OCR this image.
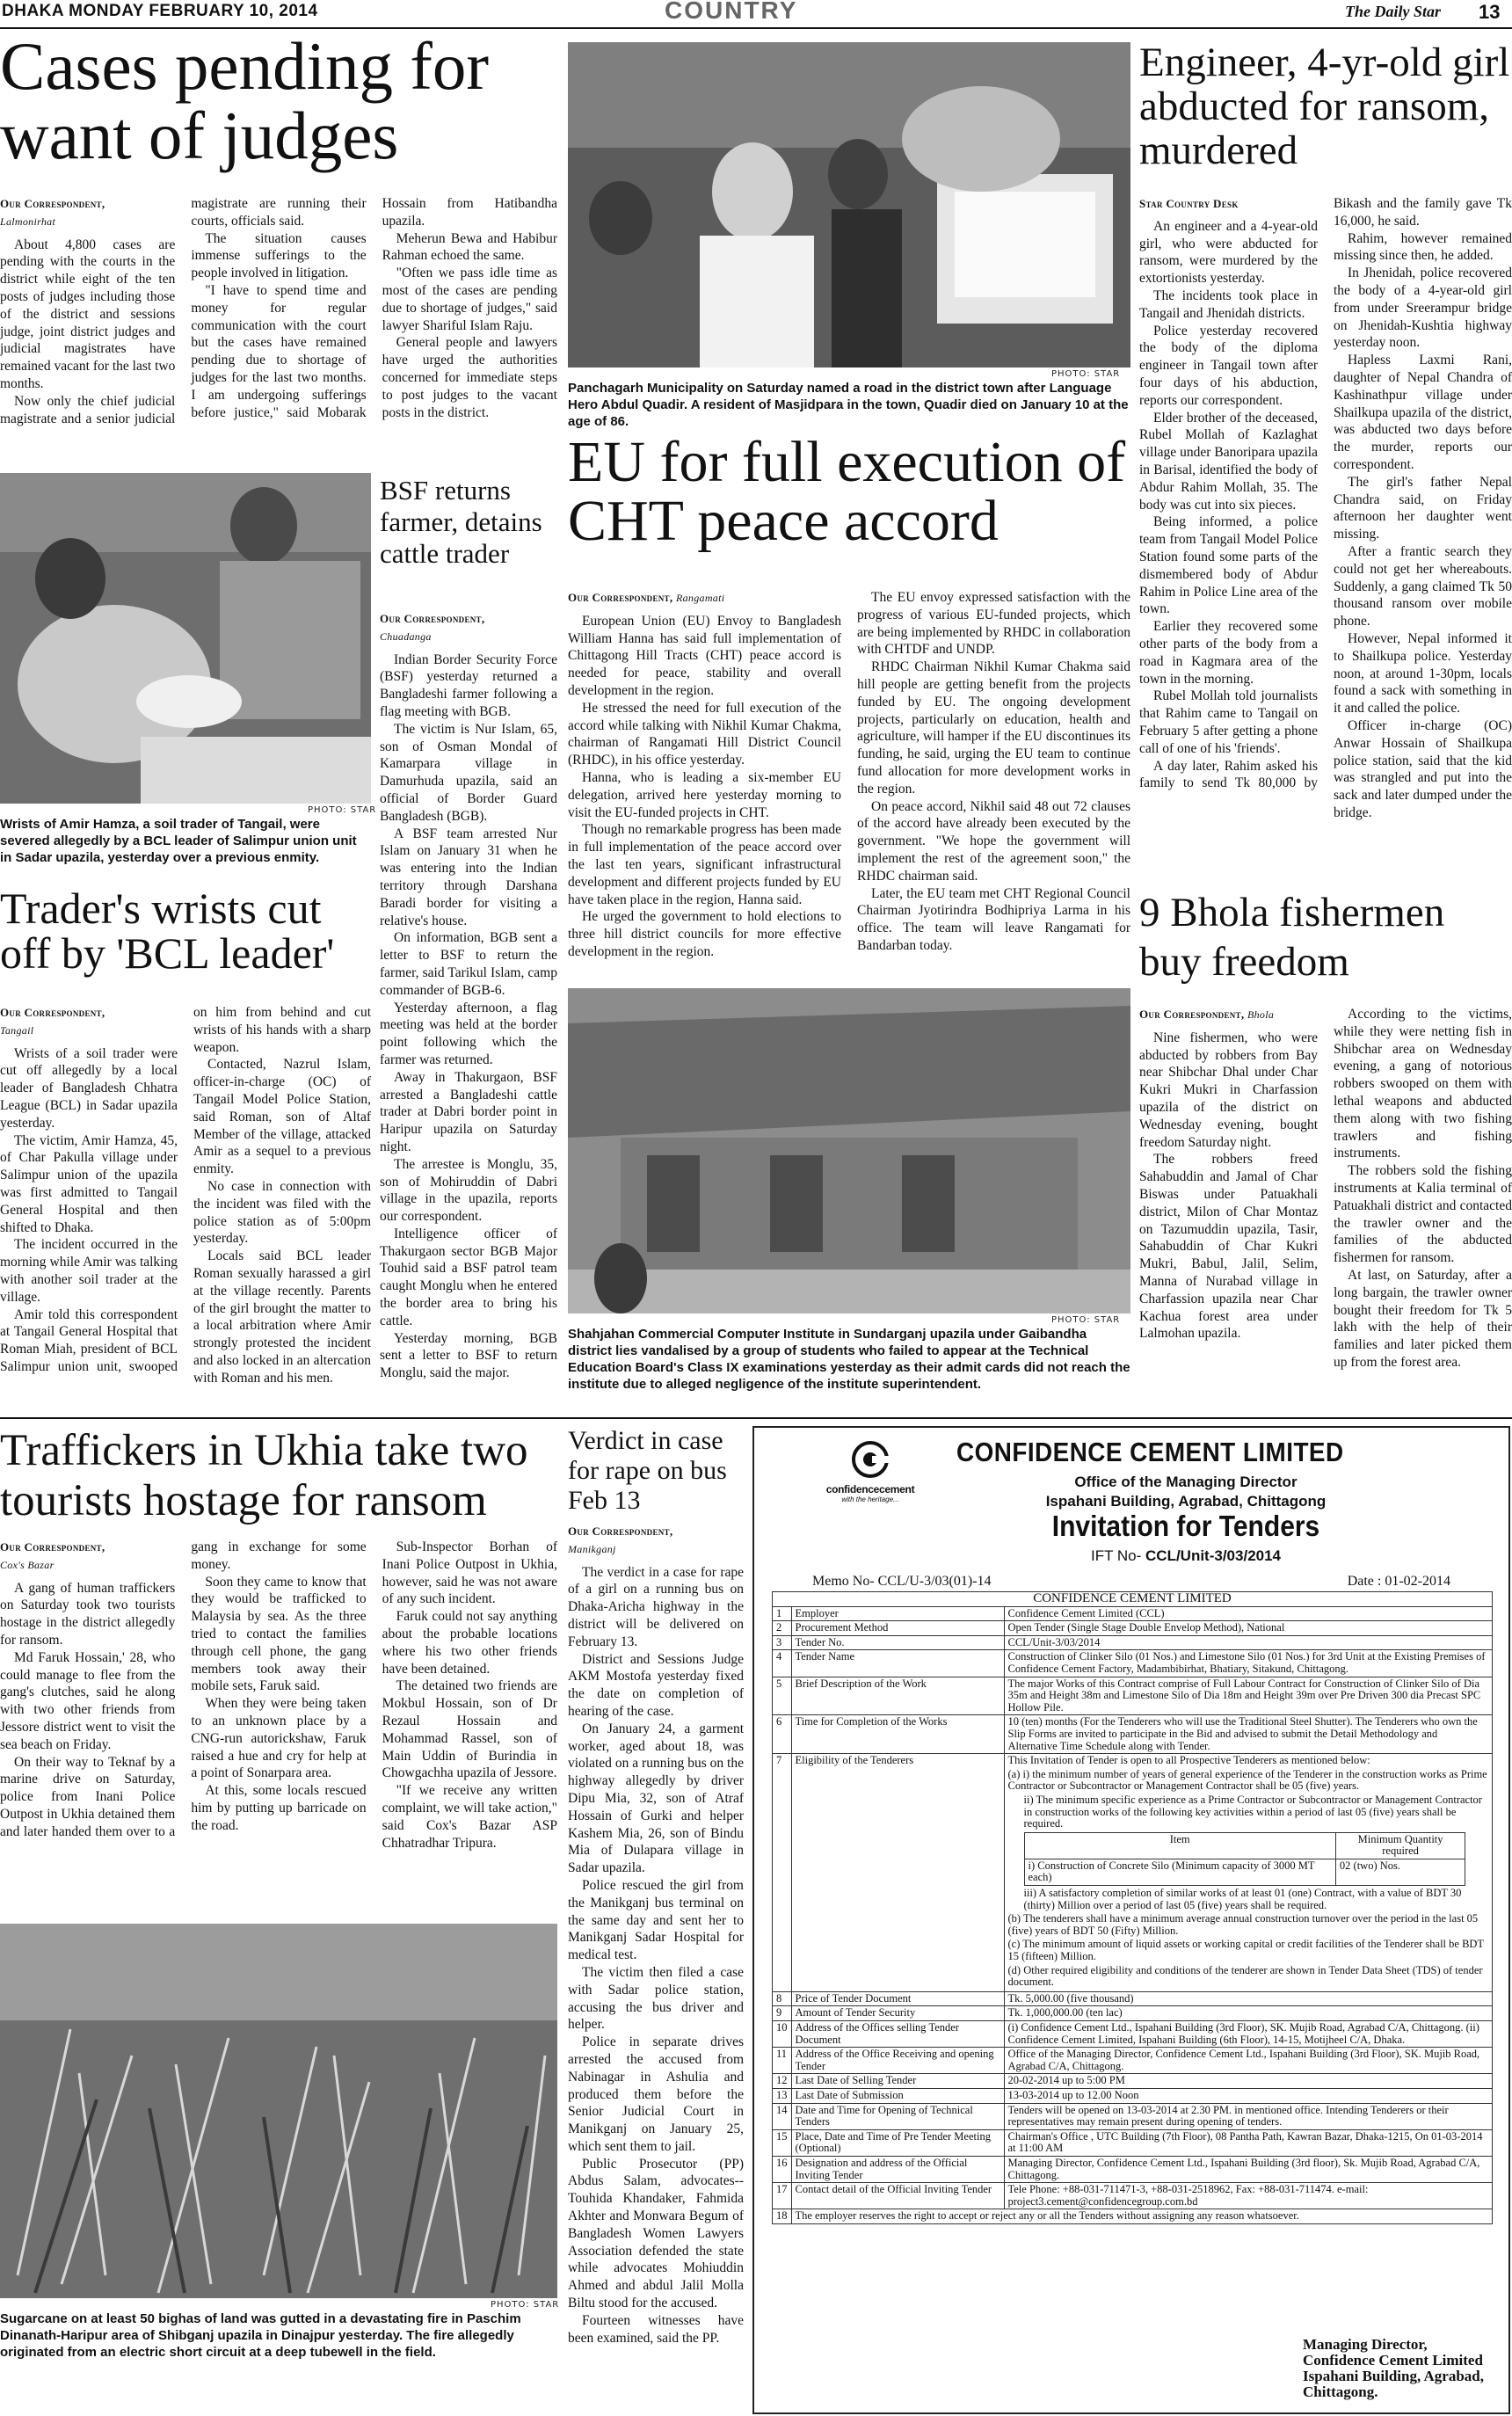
DHAKA MONDAY FEBRUARY 10, 2014	COUNTRY	The Daily Star 13
Cases pending for want of judges
Our Correspondent,
Lalmonirhat

About 4,800 cases are pending with the courts in the district while eight of the ten posts of judges including those of the district and sessions judge, joint district judges and judicial magistrates have remained vacant for the last two months.

Now only the chief judicial magistrate and a senior judicial magistrate are running their courts, officials said.

The situation causes immense sufferings to the people involved in litigation.

"I have to spend time and money for regular communication with the court but the cases have remained pending due to shortage of judges for the last two months. I am undergoing sufferings before justice," said Mobarak Hossain from Hatibandha upazila.

Meherun Bewa and Habibur Rahman echoed the same.

"Often we pass idle time as most of the cases are pending due to shortage of judges," said lawyer Shariful Islam Raju.

General people and lawyers have urged the authorities concerned for immediate steps to post judges to the vacant posts in the district.

PHOTO: STAR
Wrists of Amir Hamza, a soil trader of Tangail, were severed allegedly by a BCL leader of Salimpur union unit in Sadar upazila, yesterday over a previous enmity.
Trader's wrists cut off by 'BCL leader'
Our Correspondent,
Tangail

Wrists of a soil trader were cut off allegedly by a local leader of Bangladesh Chhatra League (BCL) in Sadar upazila yesterday.

The victim, Amir Hamza, 45, of Char Pakulla village under Salimpur union of the upazila was first admitted to Tangail General Hospital and then shifted to Dhaka.

The incident occurred in the morning while Amir was talking with another soil trader at the village.

Amir told this correspondent at Tangail General Hospital that Roman Miah, president of BCL Salimpur union unit, swooped on him from behind and cut wrists of his hands with a sharp weapon.

Contacted, Nazrul Islam, officer-in-charge (OC) of Tangail Model Police Station, said Roman, son of Altaf Member of the village, attacked Amir as a sequel to a previous enmity.

No case in connection with the incident was filed with the police station as of 5:00pm yesterday.

Locals said BCL leader Roman sexually harassed a girl at the village recently. Parents of the girl brought the matter to a local arbitration where Amir strongly protested the incident and also locked in an altercation with Roman and his men.

BSF returns farmer, detains cattle trader
Our Correspondent,
Chuadanga

Indian Border Security Force (BSF) yesterday returned a Bangladeshi farmer following a flag meeting with BGB.

The victim is Nur Islam, 65, son of Osman Mondal of Kamarpara village in Damurhuda upazila, said an official of Border Guard Bangladesh (BGB).

A BSF team arrested Nur Islam on January 31 when he was entering into the Indian territory through Darshana Baradi border for visiting a relative's house.

On information, BGB sent a letter to BSF to return the farmer, said Tarikul Islam, camp commander of BGB-6.

Yesterday afternoon, a flag meeting was held at the border point following which the farmer was returned.

Away in Thakurgaon, BSF arrested a Bangladeshi cattle trader at Dabri border point in Haripur upazila on Saturday night.

The arrestee is Monglu, 35, son of Mohiruddin of Dabri village in the upazila, reports our correspondent.

Intelligence officer of Thakurgaon sector BGB Major Touhid said a BSF patrol team caught Monglu when he entered the border area to bring his cattle.

Yesterday morning, BGB sent a letter to BSF to return Monglu, said the major.

PHOTO: STAR
Panchagarh Municipality on Saturday named a road in the district town after Language Hero Abdul Quadir. A resident of Masjidpara in the town, Quadir died on January 10 at the age of 86.
EU for full execution of CHT peace accord
Our Correspondent, Rangamati

European Union (EU) Envoy to Bangladesh William Hanna has said full implementation of Chittagong Hill Tracts (CHT) peace accord is needed for peace, stability and overall development in the region.

He stressed the need for full execution of the accord while talking with Nikhil Kumar Chakma, chairman of Rangamati Hill District Council (RHDC), in his office yesterday.

Hanna, who is leading a six-member EU delegation, arrived here yesterday morning to visit the EU-funded projects in CHT.

Though no remarkable progress has been made in full implementation of the peace accord over the last ten years, significant infrastructural development and different projects funded by EU have taken place in the region, Hanna said.

He urged the government to hold elections to three hill district councils for more effective development in the region.

The EU envoy expressed satisfaction with the progress of various EU-funded projects, which are being implemented by RHDC in collaboration with CHTDF and UNDP.

RHDC Chairman Nikhil Kumar Chakma said hill people are getting benefit from the projects funded by EU. The ongoing development projects, particularly on education, health and agriculture, will hamper if the EU discontinues its funding, he said, urging the EU team to continue fund allocation for more development works in the region.

On peace accord, Nikhil said 48 out 72 clauses of the accord have already been executed by the government. "We hope the government will implement the rest of the agreement soon," the RHDC chairman said.

Later, the EU team met CHT Regional Council Chairman Jyotirindra Bodhipriya Larma in his office. The team will leave Rangamati for Bandarban today.

PHOTO: STAR
Shahjahan Commercial Computer Institute in Sundarganj upazila under Gaibandha district lies vandalised by a group of students who failed to appear at the Technical Education Board's Class IX examinations yesterday as their admit cards did not reach the institute due to alleged negligence of the institute superintendent.
Engineer, 4-yr-old girl abducted for ransom, murdered
Star Country Desk

An engineer and a 4-year-old girl, who were abducted for ransom, were murdered by the extortionists yesterday.

The incidents took place in Tangail and Jhenidah districts.

Police yesterday recovered the body of the diploma engineer in Tangail town after four days of his abduction, reports our correspondent.

Elder brother of the deceased, Rubel Mollah of Kazlaghat village under Banoripara upazila in Barisal, identified the body of Abdur Rahim Mollah, 35. The body was cut into six pieces.

Being informed, a police team from Tangail Model Police Station found some parts of the dismembered body of Abdur Rahim in Police Line area of the town.

Earlier they recovered some other parts of the body from a road in Kagmara area of the town in the morning.

Rubel Mollah told journalists that Rahim came to Tangail on February 5 after getting a phone call of one of his 'friends'.

A day later, Rahim asked his family to send Tk 80,000 by Bikash and the family gave Tk 16,000, he said.

Rahim, however remained missing since then, he added.

In Jhenidah, police recovered the body of a 4-year-old girl from under Sreerampur bridge on Jhenidah-Kushtia highway yesterday noon.

Hapless Laxmi Rani, daughter of Nepal Chandra of Kashinathpur village under Shailkupa upazila of the district, was abducted two days before the murder, reports our correspondent.

The girl's father Nepal Chandra said, on Friday afternoon her daughter went missing.

After a frantic search they could not get her whereabouts. Suddenly, a gang claimed Tk 50 thousand ransom over mobile phone.

However, Nepal informed it to Shailkupa police. Yesterday noon, at around 1-30pm, locals found a sack with something in it and called the police.

Officer in-charge (OC) Anwar Hossain of Shailkupa police station, said that the kid was strangled and put into the sack and later dumped under the bridge.

9 Bhola fishermen buy freedom
Our Correspondent, Bhola

Nine fishermen, who were abducted by robbers from Bay near Shibchar Dhal under Char Kukri Mukri in Charfassion upazila of the district on Wednesday evening, bought freedom Saturday night.

The robbers freed Sahabuddin and Jamal of Char Biswas under Patuakhali district, Milon of Char Montaz on Tazumuddin upazila, Tasir, Sahabuddin of Char Kukri Mukri, Babul, Jalil, Selim, Manna of Nurabad village in Charfassion upazila near Char Kachua forest area under Lalmohan upazila.

According to the victims, while they were netting fish in Shibchar area on Wednesday evening, a gang of notorious robbers swooped on them with lethal weapons and abducted them along with two fishing trawlers and fishing instruments.

The robbers sold the fishing instruments at Kalia terminal of Patuakhali district and contacted the trawler owner and the families of the abducted fishermen for ransom.

At last, on Saturday, after a long bargain, the trawler owner bought their freedom for Tk 5 lakh with the help of their families and later picked them up from the forest area.

Traffickers in Ukhia take two tourists hostage for ransom
Our Correspondent,
Cox's Bazar

A gang of human traffickers on Saturday took two tourists hostage in the district allegedly for ransom.

Md Faruk Hossain,' 28, who could manage to flee from the gang's clutches, said he along with two other friends from Jessore district went to visit the sea beach on Friday.

On their way to Teknaf by a marine drive on Saturday, police from Inani Police Outpost in Ukhia detained them and later handed them over to a gang in exchange for some money.

Soon they came to know that they would be trafficked to Malaysia by sea. As the three tried to contact the families through cell phone, the gang members took away their mobile sets, Faruk said.

When they were being taken to an unknown place by a CNG-run autorickshaw, Faruk raised a hue and cry for help at a point of Sonarpara area.

At this, some locals rescued him by putting up barricade on the road.

Sub-Inspector Borhan of Inani Police Outpost in Ukhia, however, said he was not aware of any such incident.

Faruk could not say anything about the probable locations where his two other friends have been detained.

The detained two friends are Mokbul Hossain, son of Dr Rezaul Hossain and Mohammad Rassel, son of Main Uddin of Burindia in Chowgachha upazila of Jessore.

"If we receive any written complaint, we will take action," said Cox's Bazar ASP Chhatradhar Tripura.

PHOTO: STAR
Sugarcane on at least 50 bighas of land was gutted in a devastating fire in Paschim Dinanath-Haripur area of Shibganj upazila in Dinajpur yesterday. The fire allegedly originated from an electric short circuit at a deep tubewell in the field.
Verdict in case for rape on bus Feb 13
Our Correspondent,
Manikganj

The verdict in a case for rape of a girl on a running bus on Dhaka-Aricha highway in the district will be delivered on February 13.

District and Sessions Judge AKM Mostofa yesterday fixed the date on completion of hearing of the case.

On January 24, a garment worker, aged about 18, was violated on a running bus on the highway allegedly by driver Dipu Mia, 32, son of Atraf Hossain of Gurki and helper Kashem Mia, 26, son of Bindu Mia of Dulapara village in Sadar upazila.

Police rescued the girl from the Manikganj bus terminal on the same day and sent her to Manikganj Sadar Hospital for medical test.

The victim then filed a case with Sadar police station, accusing the bus driver and helper.

Police in separate drives arrested the accused from Nabinagar in Ashulia and produced them before the Senior Judicial Court in Manikganj on January 25, which sent them to jail.

Public Prosecutor (PP) Abdus Salam, advocates--Touhida Khandaker, Fahmida Akhter and Monwara Begum of Bangladesh Women Lawyers Association defended the state while advocates Mohiuddin Ahmed and abdul Jalil Molla Biltu stood for the accused.

Fourteen witnesses have been examined, said the PP.

confidencecement
with the heritage...
CONFIDENCE CEMENT LIMITED
Office of the Managing Director
Ispahani Building, Agrabad, Chittagong
Invitation for Tenders
IFT No- CCL/Unit-3/03/2014
Memo No- CCL/U-3/03(01)-14	Date : 01-02-2014
CONFIDENCE CEMENT LIMITED
1	Employer	Confidence Cement Limited (CCL)
2	Procurement Method	Open Tender (Single Stage Double Envelop Method), National
3	Tender No.	CCL/Unit-3/03/2014
4	Tender Name	Construction of Clinker Silo (01 Nos.) and Limestone Silo (01 Nos.) for 3rd Unit at the Existing Premises of Confidence Cement Factory, Madambibirhat, Bhatiary, Sitakund, Chittagong.
5	Brief Description of the Work	The major Works of this Contract comprise of Full Labour Contract for Construction of Clinker Silo of Dia 35m and Height 38m and Limestone Silo of Dia 18m and Height 39m over Pre Driven 300 dia Precast SPC Hollow Pile.
6	Time for Completion of the Works	10 (ten) months (For the Tenderers who will use the Traditional Steel Shutter). The Tenderers who own the Slip Forms are invited to participate in the Bid and advised to submit the Detail Methodology and Alternative Time Schedule along with Tender.
7	Eligibility of the Tenderers	This Invitation of Tender is open to all Prospective Tenderers as mentioned below:
(a) i) the minimum number of years of general experience of the Tenderer in the construction works as Prime Contractor or Subcontractor or Management Contractor shall be 05 (five) years.
ii) The minimum specific experience as a Prime Contractor or Subcontractor or Management Contractor in construction works of the following key activities within a period of last 05 (five) years shall be required.
Item	Minimum Quantity required
i) Construction of Concrete Silo (Minimum capacity of 3000 MT each)	02 (two) Nos.
iii) A satisfactory completion of similar works of at least 01 (one) Contract, with a value of BDT 30 (thirty) Million over a period of last 05 (five) years shall be required.
(b) The tenderers shall have a minimum average annual construction turnover over the period in the last 05 (five) years of BDT 50 (Fifty) Million.
(c) The minimum amount of liquid assets or working capital or credit facilities of the Tenderer shall be BDT 15 (fifteen) Million.
(d) Other required eligibility and conditions of the tenderer are shown in Tender Data Sheet (TDS) of tender document.

8	Price of Tender Document	Tk. 5,000.00 (five thousand)
9	Amount of Tender Security	Tk. 1,000,000.00 (ten lac)
10	Address of the Offices selling Tender Document	(i) Confidence Cement Ltd., Ispahani Building (3rd Floor), SK. Mujib Road, Agrabad C/A, Chittagong. (ii) Confidence Cement Limited, Ispahani Building (6th Floor), 14-15, Motijheel C/A, Dhaka.
11	Address of the Office Receiving and opening Tender	Office of the Managing Director, Confidence Cement Ltd., Ispahani Building (3rd Floor), SK. Mujib Road, Agrabad C/A, Chittagong.
12	Last Date of Selling Tender	20-02-2014 up to 5:00 PM
13	Last Date of Submission	13-03-2014 up to 12.00 Noon
14	Date and Time for Opening of Technical Tenders	Tenders will be opened on 13-03-2014 at 2.30 PM. in mentioned office. Intending Tenderers or their representatives may remain present during opening of tenders.
15	Place, Date and Time of Pre Tender Meeting (Optional)	Chairman's Office , UTC Building (7th Floor), 08 Pantha Path, Kawran Bazar, Dhaka-1215, On 01-03-2014 at 11:00 AM
16	Designation and address of the Official Inviting Tender	Managing Director, Confidence Cement Ltd., Ispahani Building (3rd floor), Sk. Mujib Road, Agrabad C/A, Chittagong.
17	Contact detail of the Official Inviting Tender	Tele Phone: +88-031-711471-3, +88-031-2518962, Fax: +88-031-711474. e-mail: project3.cement@confidencegroup.com.bd
18	The employer reserves the right to accept or reject any or all the Tenders without assigning any reason whatsoever.
Managing Director,
Confidence Cement Limited
Ispahani Building, Agrabad,
Chittagong.
